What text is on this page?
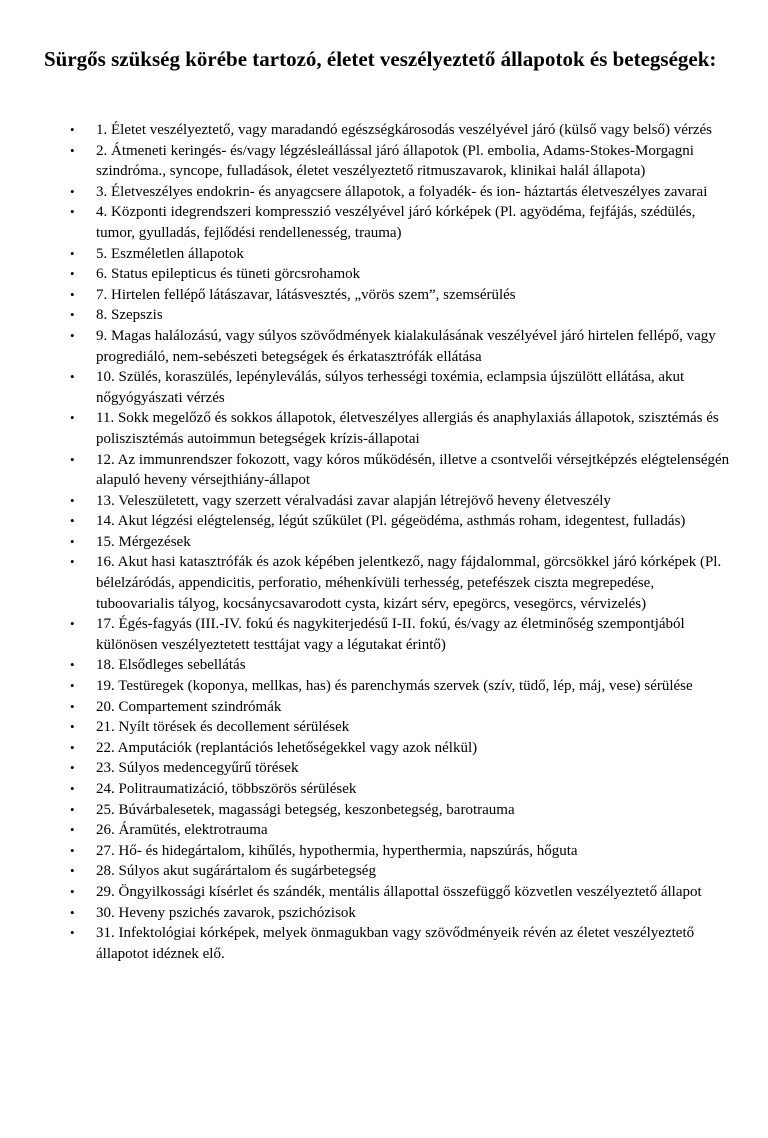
Sürgős szükség körébe tartozó, életet veszélyeztető állapotok és betegségek:
• 1. Életet veszélyeztető, vagy maradandó egészségkárosodás veszélyével járó (külső vagy belső) vérzés
• 2. Átmeneti keringés- és/vagy légzésleállással járó állapotok (Pl. embolia, Adams-Stokes-Morgagni szindróma., syncope, fulladások, életet veszélyeztető ritmuszavarok, klinikai halál állapota)
• 3. Életveszélyes endokrin- és anyagcsere állapotok, a folyadék- és ion- háztartás életveszélyes zavarai
• 4. Központi idegrendszeri kompresszió veszélyével járó kórképek (Pl. agyödéma, fejfájás, szédülés, tumor, gyulladás, fejlődési rendellenesség, trauma)
• 5. Eszméletlen állapotok
• 6. Status epilepticus és tüneti görcsrohamok
• 7. Hirtelen fellépő látászavar, látásvesztés, „vörös szem”, szemsérülés
• 8. Szepszis
• 9. Magas halálozású, vagy súlyos szövődmények kialakulásának veszélyével járó hirtelen fellépő, vagy progrediáló, nem-sebészeti betegségek és érkatasztrófák ellátása
• 10. Szülés, koraszülés, lepényleválás, súlyos terhességi toxémia, eclampsia újszülött ellátása, akut nőgyógyászati vérzés
• 11. Sokk megelőző és sokkos állapotok, életveszélyes allergiás és anaphylaxiás állapotok, szisztémás és poliszisztémás autoimmun betegségek krízis-állapotai
• 12. Az immunrendszer fokozott, vagy kóros működésén, illetve a csontvelői vérsejtképzés elégtelenségén alapuló heveny vérsejthiány-állapot
• 13. Veleszületett, vagy szerzett véralvadási zavar alapján létrejövő heveny életveszély
• 14. Akut légzési elégtelenség, légút szűkület (Pl. gégeödéma, asthmás roham, idegentest, fulladás)
• 15. Mérgezések
• 16. Akut hasi katasztrófák és azok képében jelentkező, nagy fájdalommal, görcsökkel járó kórképek (Pl. bélelzáródás, appendicitis, perforatio, méhenkívüli terhesség, petefészek ciszta megrepedése, tuboovarialis tályog, kocsánycsavarodott cysta, kizárt sérv, epegörcs, vesegörcs, vérvizelés)
• 17. Égés-fagyás (III.-IV. fokú és nagykiterjedésű I-II. fokú, és/vagy az életminőség szempontjából különösen veszélyeztetett testtájat vagy a légutakat érintő)
• 18. Elsődleges sebellátás
• 19. Testüregek (koponya, mellkas, has) és parenchymás szervek (szív, tüdő, lép, máj, vese) sérülése
• 20. Compartement szindrómák
• 21. Nyílt törések és decollement sérülések
• 22. Amputációk (replantációs lehetőségekkel vagy azok nélkül)
• 23. Súlyos medencegyűrű törések
• 24. Politraumatizáció, többszörös sérülések
• 25. Búvárbalesetek, magassági betegség, keszonbetegség, barotrauma
• 26. Áramütés, elektrotrauma
• 27. Hő- és hidegártalom, kihűlés, hypothermia, hyperthermia, napszúrás, hőguta
• 28. Súlyos akut sugárártalom és sugárbetegség
• 29. Öngyilkossági kísérlet és szándék, mentális állapottal összefüggő közvetlen veszélyeztető állapot
• 30. Heveny pszichés zavarok, pszichózisok
• 31. Infektológiai kórképek, melyek önmagukban vagy szövődményeik révén az életet veszélyeztető állapotot idéznek elő.
